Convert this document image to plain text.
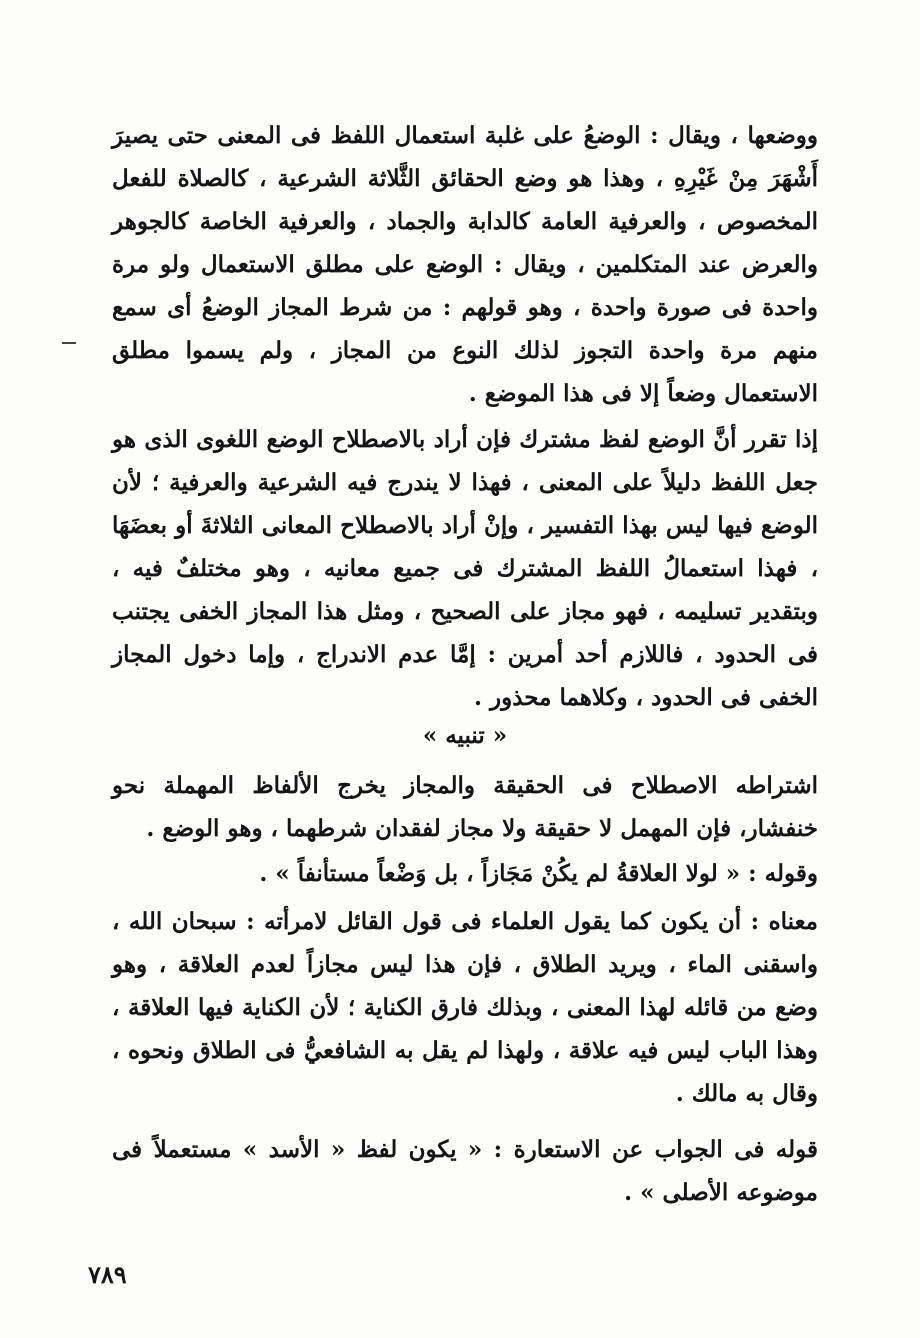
ووضعها ، ويقال : الوضعُ على غلبة استعمال اللفظ فى المعنى حتى يصيرَ أَشْهَرَ مِنْ غَيْرِهِ ، وهذا هو وضع الحقائق الثَّلاثة الشرعية ، كالصلاة للفعل المخصوص ، والعرفية العامة كالدابة والجماد ، والعرفية الخاصة كالجوهر والعرض عند المتكلمين ، ويقال : الوضع على مطلق الاستعمال ولو مرة واحدة فى صورة واحدة ، وهو قولهم : من شرط المجاز الوضعُ أى سمع منهم مرة واحدة التجوز لذلك النوع من المجاز ، ولم يسموا مطلق الاستعمال وضعاً إلا فى هذا الموضع .
إذا تقرر أنَّ الوضع لفظ مشترك فإن أراد بالاصطلاح الوضع اللغوى الذى هو جعل اللفظ دليلاً على المعنى ، فهذا لا يندرج فيه الشرعية والعرفية ؛ لأن الوضع فيها ليس بهذا التفسير ، وإنْ أراد بالاصطلاح المعانى الثلاثةَ أو بعضَهَا ، فهذا استعمالُ اللفظ المشترك فى جميع معانيه ، وهو مختلفٌ فيه ، وبتقدير تسليمه ، فهو مجاز على الصحيح ، ومثل هذا المجاز الخفى يجتنب فى الحدود ، فاللازم أحد أمرين : إمَّا عدم الاندراج ، وإما دخول المجاز الخفى فى الحدود ، وكلاهما محذور .
« تنبيه »
اشتراطه الاصطلاح فى الحقيقة والمجاز يخرج الألفاظ المهملة نحو خنفشار، فإن المهمل لا حقيقة ولا مجاز لفقدان شرطهما ، وهو الوضع .
وقوله : « لولا العلاقةُ لم يكُنْ مَجَازاً ، بل وَضْعاً مستأنفاً » .
معناه : أن يكون كما يقول العلماء فى قول القائل لامرأته : سبحان الله ، واسقنى الماء ، ويريد الطلاق ، فإن هذا ليس مجازاً لعدم العلاقة ، وهو وضع من قائله لهذا المعنى ، وبذلك فارق الكناية ؛ لأن الكناية فيها العلاقة ، وهذا الباب ليس فيه علاقة ، ولهذا لم يقل به الشافعيُّ فى الطلاق ونحوه ، وقال به مالك .
قوله فى الجواب عن الاستعارة : « يكون لفظ « الأسد » مستعملاً فى موضوعه الأصلى » .
٧٨٩
